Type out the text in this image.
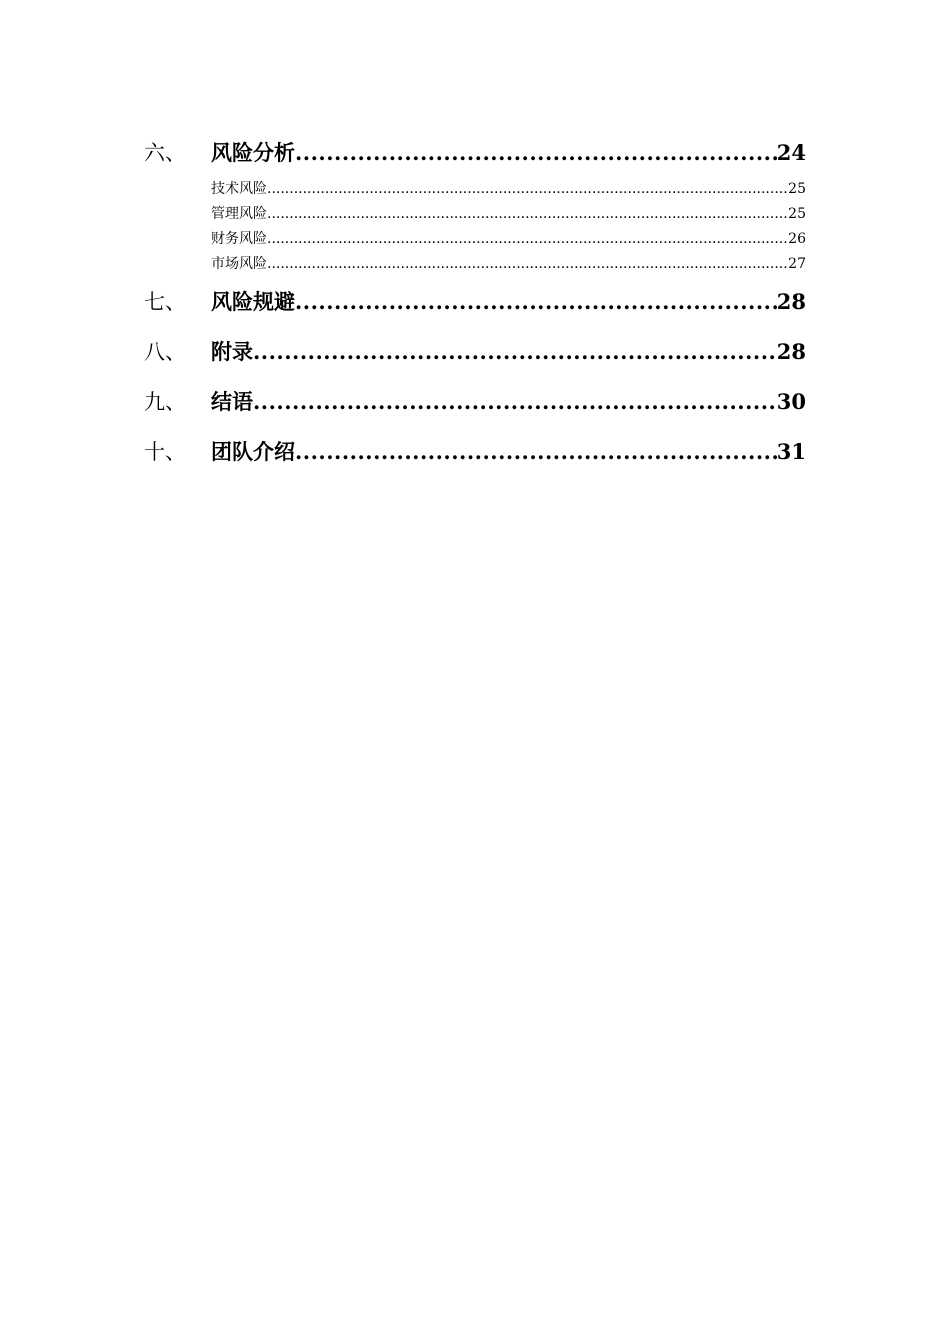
六、	风险分析 .....	24
技术风险 .....	25
管理风险 .....	25
财务风险 .....	26
市场风险 .....	27
七、	风险规避 .....	28
八、	附录 .....	28
九、	结语 .....	30
十、	团队介绍 .....	31
